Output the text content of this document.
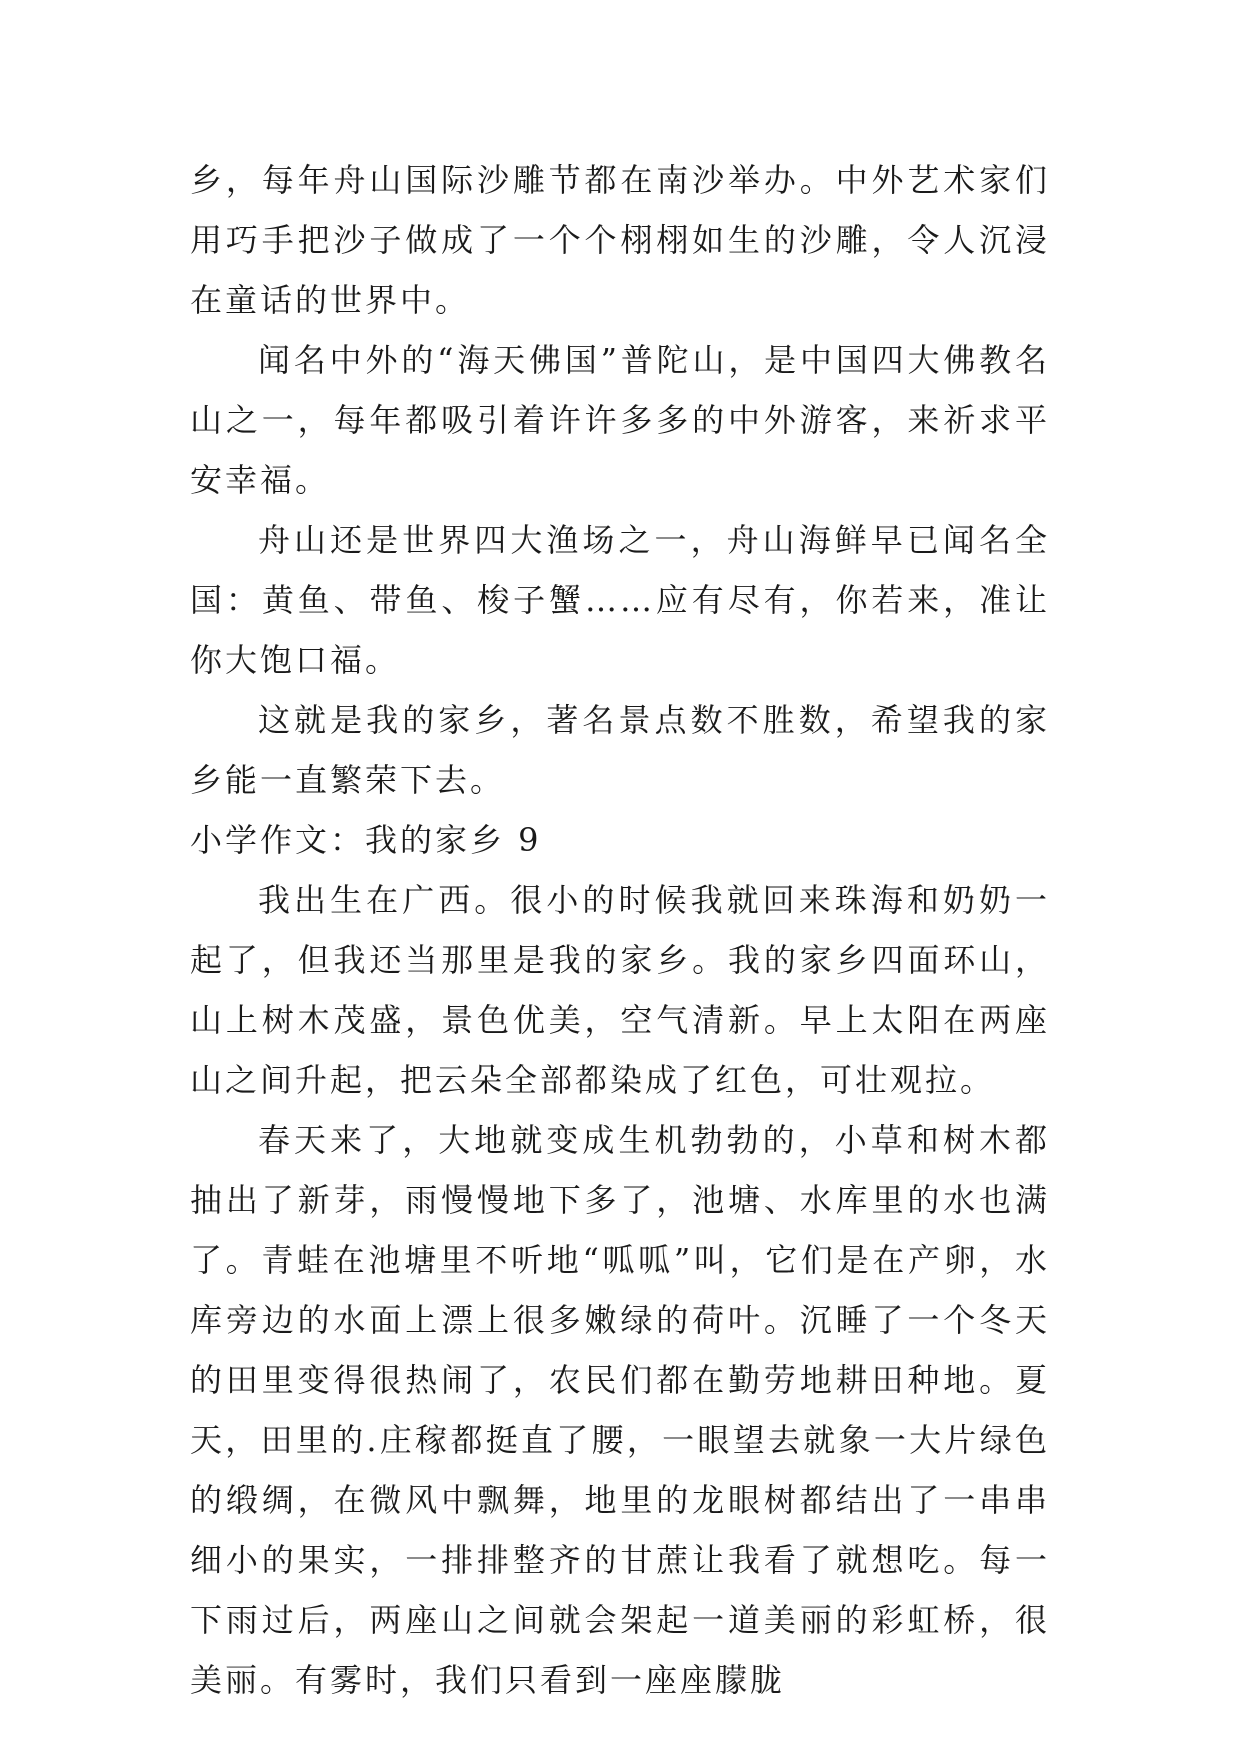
乡，每年舟山国际沙雕节都在南沙举办。中外艺术家们用巧手把沙子做成了一个个栩栩如生的沙雕，令人沉浸在童话的世界中。

闻名中外的“海天佛国”普陀山，是中国四大佛教名山之一，每年都吸引着许许多多的中外游客，来祈求平安幸福。

舟山还是世界四大渔场之一，舟山海鲜早已闻名全国：黄鱼、带鱼、梭子蟹……应有尽有，你若来，准让你大饱口福。

这就是我的家乡，著名景点数不胜数，希望我的家乡能一直繁荣下去。

小学作文：我的家乡 9

我出生在广西。很小的时候我就回来珠海和奶奶一起了，但我还当那里是我的家乡。我的家乡四面环山，山上树木茂盛，景色优美，空气清新。早上太阳在两座山之间升起，把云朵全部都染成了红色，可壮观拉。

春天来了，大地就变成生机勃勃的，小草和树木都抽出了新芽，雨慢慢地下多了，池塘、水库里的水也满了。青蛙在池塘里不听地“呱呱”叫，它们是在产卵，水库旁边的水面上漂上很多嫩绿的荷叶。沉睡了一个冬天的田里变得很热闹了，农民们都在勤劳地耕田种地。夏天，田里的.庄稼都挺直了腰，一眼望去就象一大片绿色的缎绸，在微风中飘舞，地里的龙眼树都结出了一串串细小的果实，一排排整齐的甘蔗让我看了就想吃。每一下雨过后，两座山之间就会架起一道美丽的彩虹桥，很美丽。有雾时，我们只看到一座座朦胧
